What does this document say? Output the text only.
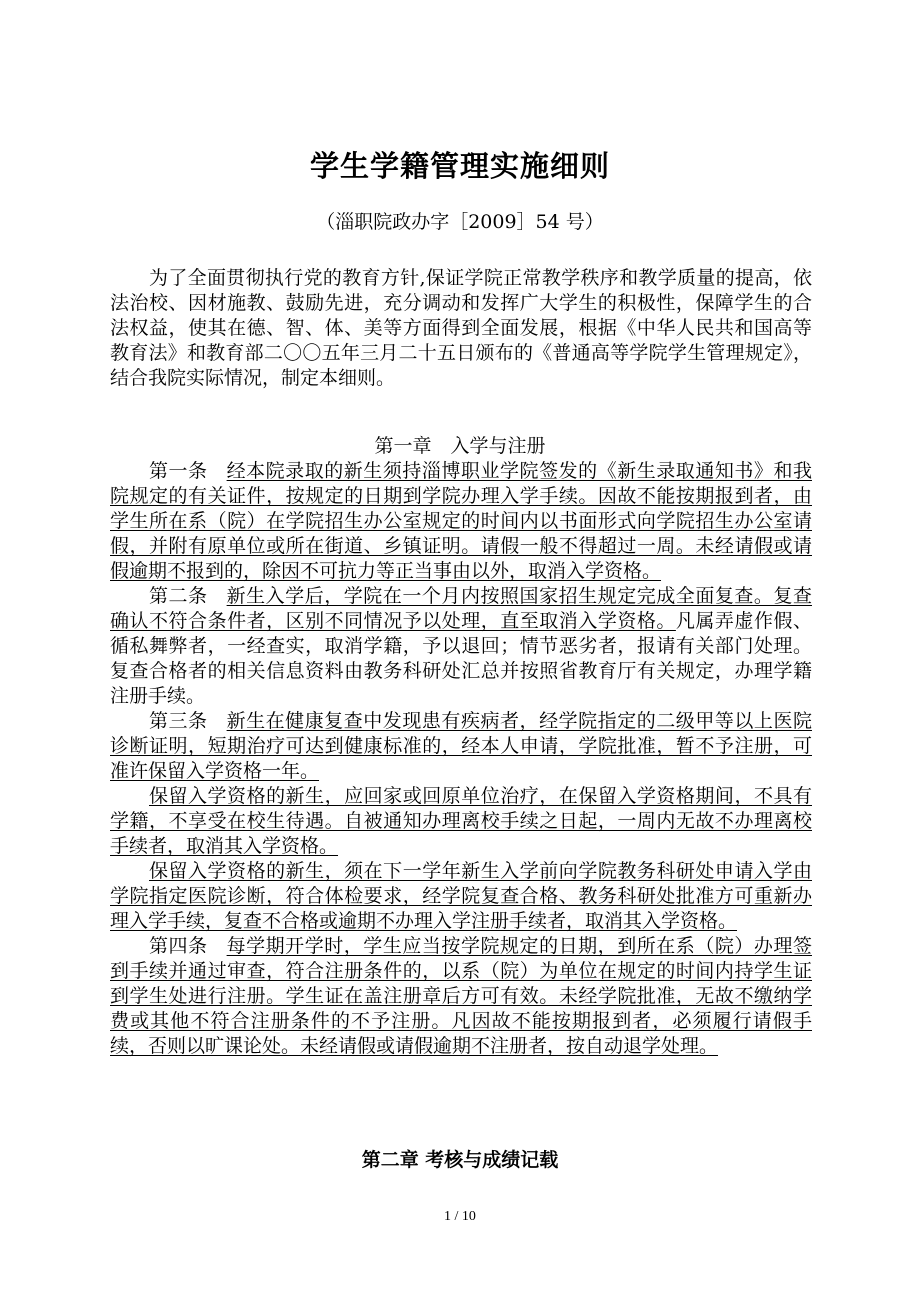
学生学籍管理实施细则
（淄职院政办字［2009］54 号）

为了全面贯彻执行党的教育方针,保证学院正常教学秩序和教学质量的提高，依法治校、因材施教、鼓励先进，充分调动和发挥广大学生的积极性，保障学生的合法权益，使其在德、智、体、美等方面得到全面发展，根据《中华人民共和国高等教育法》和教育部二〇〇五年三月二十五日颁布的《普通高等学院学生管理规定》，结合我院实际情况，制定本细则。

第一章　入学与注册

第一条 经本院录取的新生须持淄博职业学院签发的《新生录取通知书》和我院规定的有关证件，按规定的日期到学院办理入学手续。因故不能按期报到者，由学生所在系（院）在学院招生办公室规定的时间内以书面形式向学院招生办公室请假，并附有原单位或所在街道、乡镇证明。请假一般不得超过一周。未经请假或请假逾期不报到的，除因不可抗力等正当事由以外，取消入学资格。

第二条 新生入学后，学院在一个月内按照国家招生规定完成全面复查。复查确认不符合条件者，区别不同情况予以处理，直至取消入学资格。凡属弄虚作假、循私舞弊者，一经查实，取消学籍，予以退回；情节恶劣者，报请有关部门处理。复查合格者的相关信息资料由教务科研处汇总并按照省教育厅有关规定，办理学籍注册手续。

第三条 新生在健康复查中发现患有疾病者，经学院指定的二级甲等以上医院诊断证明，短期治疗可达到健康标准的，经本人申请，学院批准，暂不予注册，可准许保留入学资格一年。

保留入学资格的新生，应回家或回原单位治疗，在保留入学资格期间，不具有学籍，不享受在校生待遇。自被通知办理离校手续之日起，一周内无故不办理离校手续者，取消其入学资格。

保留入学资格的新生，须在下一学年新生入学前向学院教务科研处申请入学由学院指定医院诊断，符合体检要求，经学院复查合格、教务科研处批准方可重新办理入学手续，复查不合格或逾期不办理入学注册手续者，取消其入学资格。

第四条 每学期开学时，学生应当按学院规定的日期，到所在系（院）办理签到手续并通过审查，符合注册条件的，以系（院）为单位在规定的时间内持学生证到学生处进行注册。学生证在盖注册章后方可有效。未经学院批准，无故不缴纳学费或其他不符合注册条件的不予注册。凡因故不能按期报到者，必须履行请假手续，否则以旷课论处。未经请假或请假逾期不注册者，按自动退学处理。

第二章 考核与成绩记载
1 / 10
